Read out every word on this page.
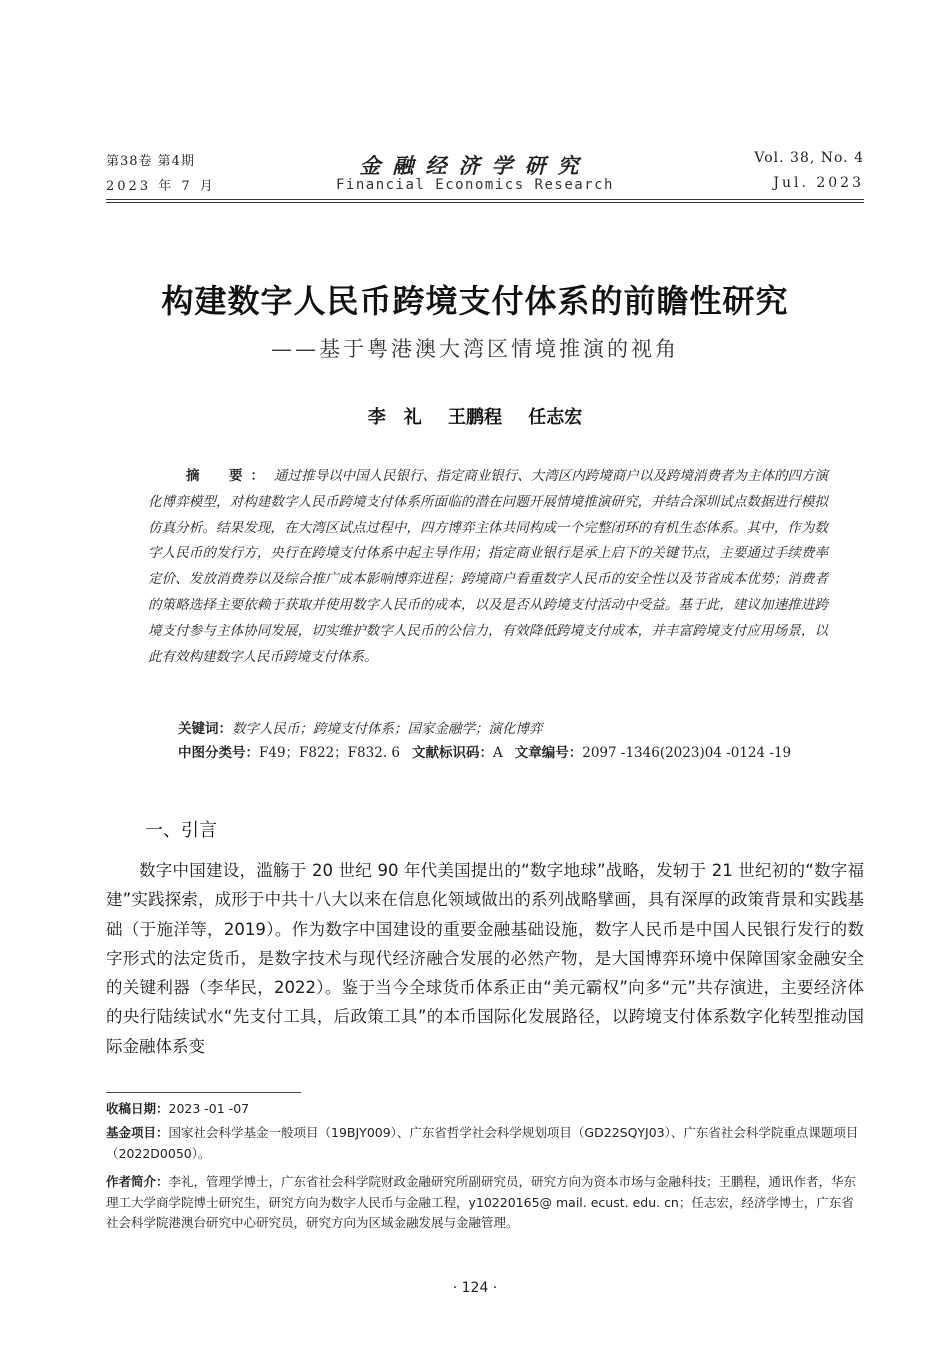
第38卷 第4期
2023 年 7 月
金融经济学研究
Financial Economics Research
Vol. 38, No. 4
Jul. 2023
构建数字人民币跨境支付体系的前瞻性研究
——基于粤港澳大湾区情境推演的视角
李　礼 王鹏程 任志宏
摘　要： 通过推导以中国人民银行、指定商业银行、大湾区内跨境商户以及跨境消费者为主体的四方演化博弈模型，对构建数字人民币跨境支付体系所面临的潜在问题开展情境推演研究，并结合深圳试点数据进行模拟仿真分析。结果发现，在大湾区试点过程中，四方博弈主体共同构成一个完整闭环的有机生态体系。其中，作为数字人民币的发行方，央行在跨境支付体系中起主导作用；指定商业银行是承上启下的关键节点，主要通过手续费率定价、发放消费券以及综合推广成本影响博弈进程；跨境商户看重数字人民币的安全性以及节省成本优势；消费者的策略选择主要依赖于获取并使用数字人民币的成本，以及是否从跨境支付活动中受益。基于此，建议加速推进跨境支付参与主体协同发展，切实维护数字人民币的公信力，有效降低跨境支付成本，并丰富跨境支付应用场景，以此有效构建数字人民币跨境支付体系。
关键词：数字人民币；跨境支付体系；国家金融学；演化博弈
中图分类号：F49；F822；F832. 6 文献标识码：A 文章编号：2097 -1346(2023)04 -0124 -19
一、引言
数字中国建设，滥觞于 20 世纪 90 年代美国提出的“数字地球”战略，发轫于 21 世纪初的“数字福建”实践探索，成形于中共十八大以来在信息化领域做出的系列战略擘画，具有深厚的政策背景和实践基础（于施洋等，2019）。作为数字中国建设的重要金融基础设施，数字人民币是中国人民银行发行的数字形式的法定货币，是数字技术与现代经济融合发展的必然产物，是大国博弈环境中保障国家金融安全的关键利器（李华民，2022）。鉴于当今全球货币体系正由“美元霸权”向多“元”共存演进，主要经济体的央行陆续试水“先支付工具，后政策工具”的本币国际化发展路径，以跨境支付体系数字化转型推动国际金融体系变
收稿日期：2023 -01 -07
基金项目：国家社会科学基金一般项目（19BJY009）、广东省哲学社会科学规划项目（GD22SQYJ03）、广东省社会科学院重点课题项目（2022D0050）。
作者简介：李礼，管理学博士，广东省社会科学院财政金融研究所副研究员，研究方向为资本市场与金融科技；王鹏程，通讯作者，华东理工大学商学院博士研究生，研究方向为数字人民币与金融工程，y10220165@ mail. ecust. edu. cn；任志宏，经济学博士，广东省社会科学院港澳台研究中心研究员，研究方向为区域金融发展与金融管理。
· 124 ·
